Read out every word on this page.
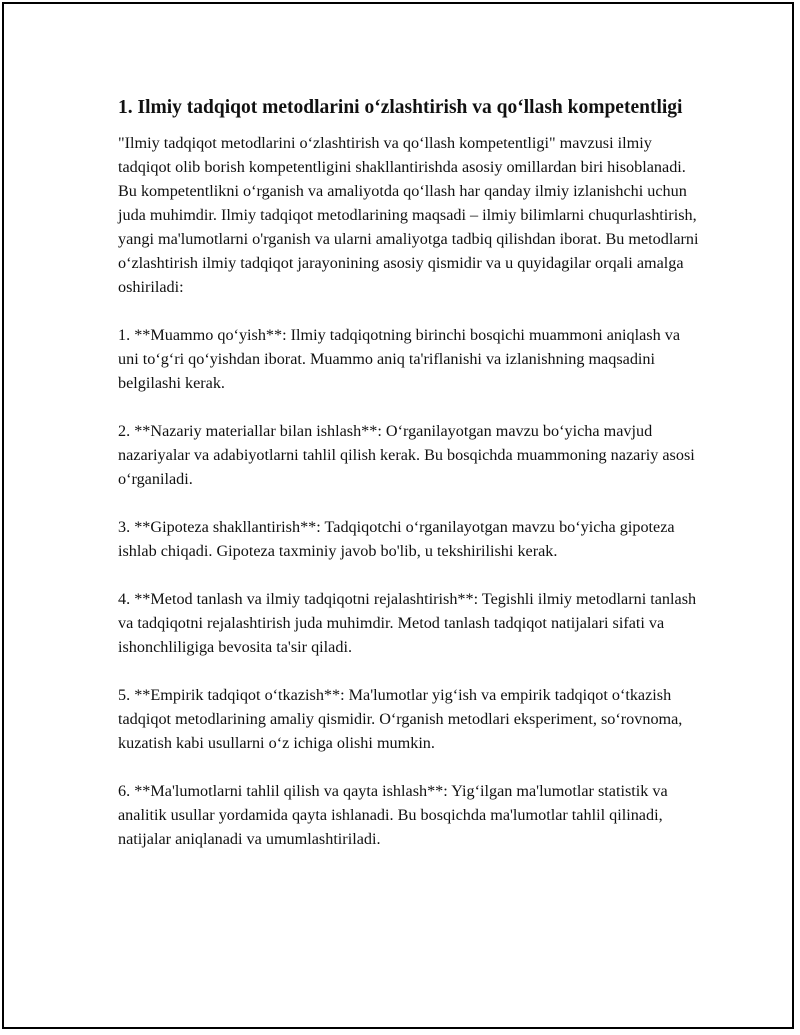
1. Ilmiy tadqiqot metodlarini o‘zlashtirish va qo‘llash kompetentligi

"Ilmiy tadqiqot metodlarini o‘zlashtirish va qo‘llash kompetentligi" mavzusi ilmiy tadqiqot olib borish kompetentligini shakllantirishda asosiy omillardan biri hisoblanadi. Bu kompetentlikni o‘rganish va amaliyotda qo‘llash har qanday ilmiy izlanishchi uchun juda muhimdir. Ilmiy tadqiqot metodlarining maqsadi – ilmiy bilimlarni chuqurlashtirish, yangi ma'lumotlarni o'rganish va ularni amaliyotga tadbiq qilishdan iborat. Bu metodlarni o‘zlashtirish ilmiy tadqiqot jarayonining asosiy qismidir va u quyidagilar orqali amalga oshiriladi:

1. **Muammo qo‘yish**: Ilmiy tadqiqotning birinchi bosqichi muammoni aniqlash va uni to‘g‘ri qo‘yishdan iborat. Muammo aniq ta'riflanishi va izlanishning maqsadini belgilashi kerak.

2. **Nazariy materiallar bilan ishlash**: O‘rganilayotgan mavzu bo‘yicha mavjud nazariyalar va adabiyotlarni tahlil qilish kerak. Bu bosqichda muammoning nazariy asosi o‘rganiladi.

3. **Gipoteza shakllantirish**: Tadqiqotchi o‘rganilayotgan mavzu bo‘yicha gipoteza ishlab chiqadi. Gipoteza taxminiy javob bo'lib, u tekshirilishi kerak.

4. **Metod tanlash va ilmiy tadqiqotni rejalashtirish**: Tegishli ilmiy metodlarni tanlash va tadqiqotni rejalashtirish juda muhimdir. Metod tanlash tadqiqot natijalari sifati va ishonchliligiga bevosita ta'sir qiladi.

5. **Empirik tadqiqot o‘tkazish**: Ma'lumotlar yig‘ish va empirik tadqiqot o‘tkazish tadqiqot metodlarining amaliy qismidir. O‘rganish metodlari eksperiment, so‘rovnoma, kuzatish kabi usullarni o‘z ichiga olishi mumkin.

6. **Ma'lumotlarni tahlil qilish va qayta ishlash**: Yig‘ilgan ma'lumotlar statistik va analitik usullar yordamida qayta ishlanadi. Bu bosqichda ma'lumotlar tahlil qilinadi, natijalar aniqlanadi va umumlashtiriladi.
